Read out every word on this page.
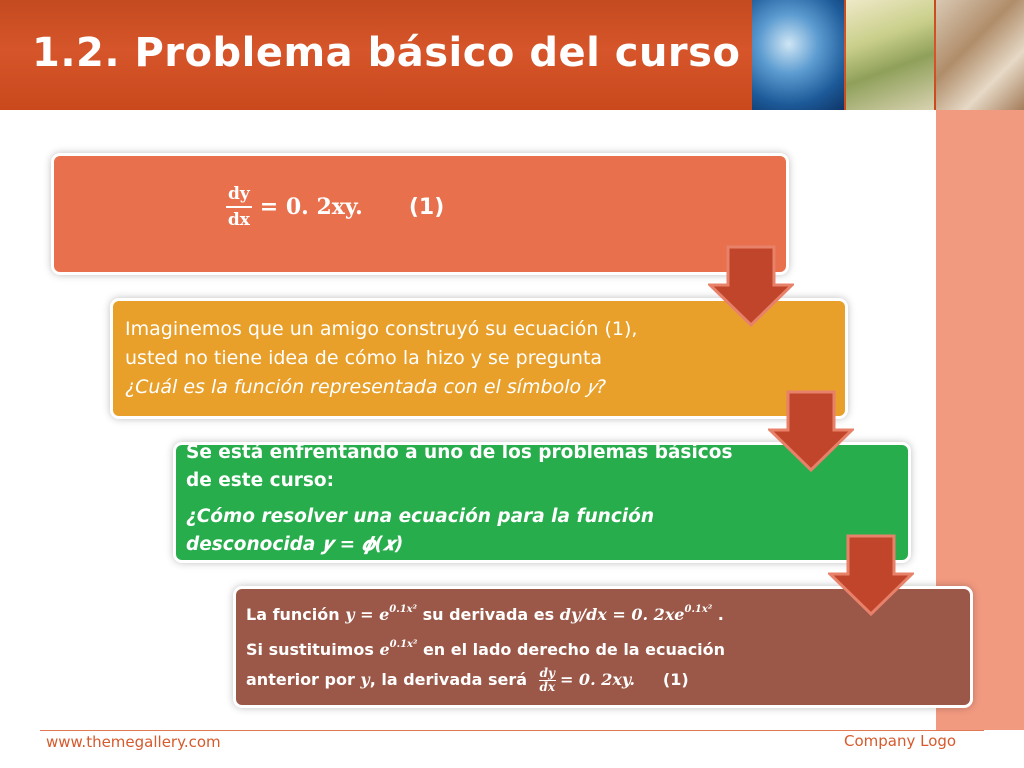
1.2. Problema básico del curso
$\frac{dy}{dx} = 0$. 2xy. (1)
Imaginemos que un amigo construyó su ecuación (1),
usted no tiene idea de cómo la hizo y se pregunta
¿Cuál es la función representada con el símbolo 𝑦?
Se está enfrentando a uno de los problemas básicos
de este curso:
¿Cómo resolver una ecuación para la función
desconocida 𝒚 = 𝝓(𝒙)
La función $y = e^{0.1x^2}$ su derivada es dy/dx = 0. $2xe^{0.1x^2}$ .
Si sustituimos $e^{0.1x^2}$ en el lado derecho de la ecuación
anterior por y, la derivada será $\frac{dy}{dx} = 0$. 2xy. (1)
www.themegallery.com	Company Logo
